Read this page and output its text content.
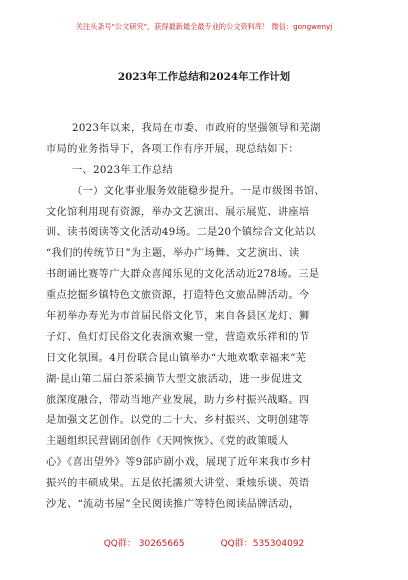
关注头条号"公文研究"，获得最新最全最专业的公文资料库！ 微信：gongwenyj
2023年工作总结和2024年工作计划
2023年以来，我局在市委、市政府的坚强领导和芜湖
市局的业务指导下，各项工作有序开展，现总结如下：
一、2023年工作总结
（一）文化事业服务效能稳步提升。一是市级图书馆、
文化馆利用现有资源，举办文艺演出、展示展览、讲座培
训、读书阅读等文化活动49场。二是20个镇综合文化站以
“我们的传统节日”为主题，举办广场舞、文艺演出、读
书朗诵比赛等广大群众喜闻乐见的文化活动近278场。三是
重点挖掘乡镇特色文旅资源，打造特色文旅品牌活动。今
年初举办寿光为市首届民俗文化节，来自各县区龙灯、狮
子灯、鱼灯灯民俗文化表演欢聚一堂，营造欢乐祥和的节
日文化氛围。4月份联合昆山镇举办“大地欢歌幸福来”芜
湖·昆山第二届白茶采摘节大型文旅活动，进一步促进文
旅深度融合，带动当地产业发展，助力乡村振兴战略。四
是加强文艺创作。以党的二十大、乡村振兴、文明创建等
主题组织民营剧团创作《天网恢恢》、《党的政策暖人
心》《喜出望外》等9部庐剧小戏，展现了近年来我市乡村
振兴的丰硕成果。五是依托濡须大讲堂、秉烛乐谈、英语
沙龙、“流动书屋”全民阅读推广等特色阅读品牌活动，
QQ群： 30265665	QQ群：535304092
